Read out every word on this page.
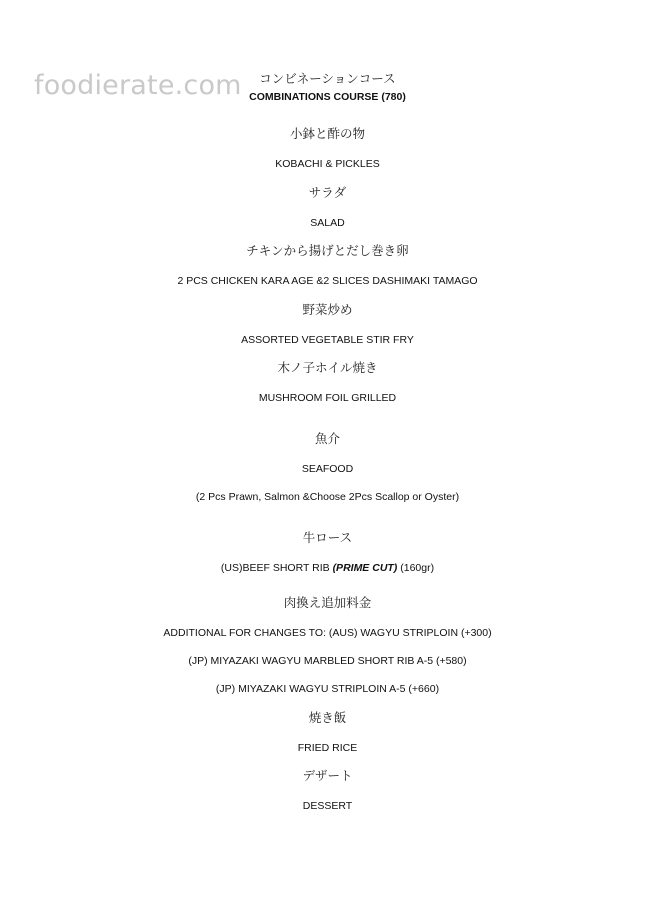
foodierate.com	コンビネーションコース
COMBINATIONS COURSE (780)
小鉢と酢の物
KOBACHI & PICKLES
サラダ
SALAD
チキンから揚げとだし巻き卵
2 PCS CHICKEN KARA AGE &2 SLICES DASHIMAKI TAMAGO
野菜炒め
ASSORTED VEGETABLE STIR FRY
木ノ子ホイル焼き
MUSHROOM FOIL GRILLED
魚介
SEAFOOD
(2 Pcs Prawn, Salmon &Choose 2Pcs Scallop or Oyster)
牛ロース
(US)BEEF SHORT RIB (PRIME CUT) (160gr)
肉換え追加料金
ADDITIONAL FOR CHANGES TO: (AUS) WAGYU STRIPLOIN (+300)
(JP) MIYAZAKI WAGYU MARBLED SHORT RIB A-5 (+580)
(JP) MIYAZAKI WAGYU STRIPLOIN A-5 (+660)
焼き飯
FRIED RICE
デザート
DESSERT
